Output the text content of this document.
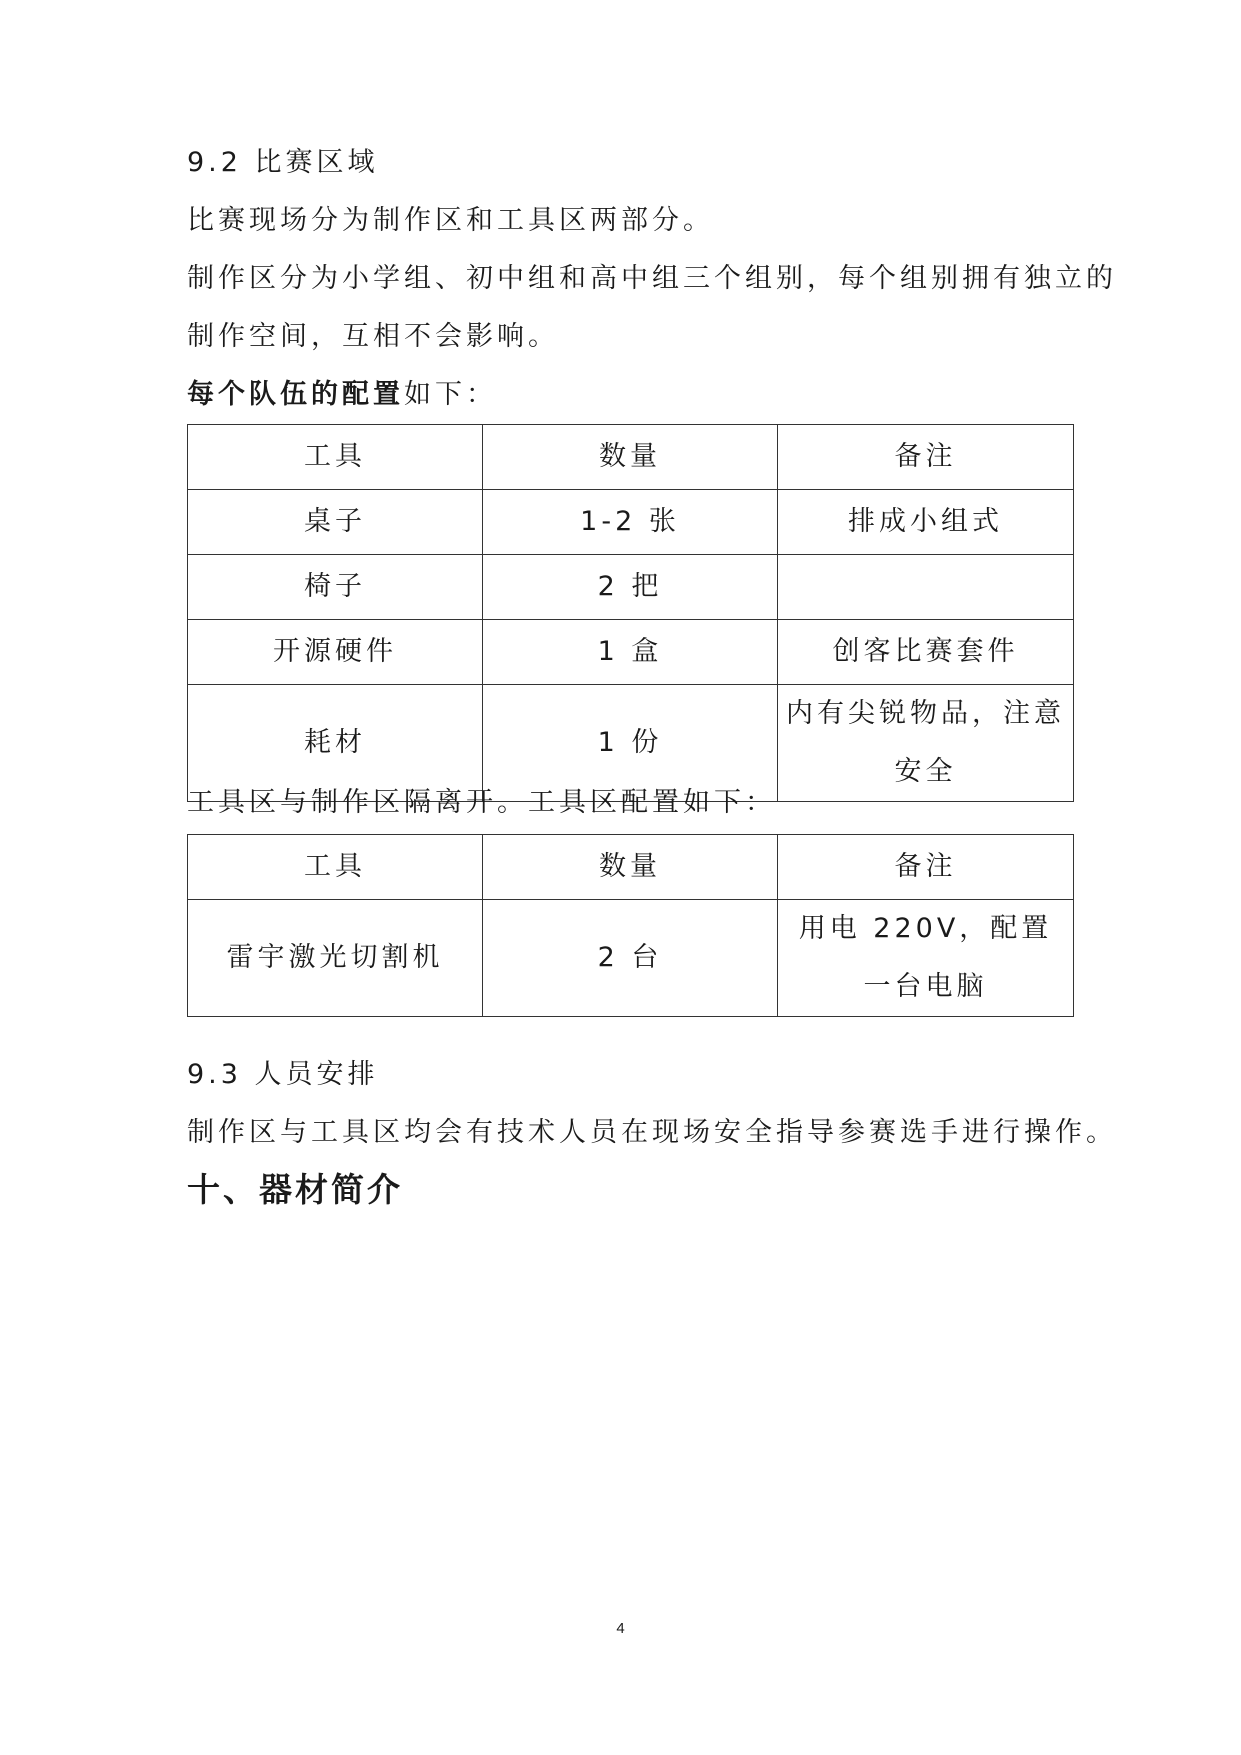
9.2 比赛区域
比赛现场分为制作区和工具区两部分。
制作区分为小学组、初中组和高中组三个组别，每个组别拥有独立的
制作空间，互相不会影响。
每个队伍的配置如下：
工具	数量	备注
桌子	1-2 张	排成小组式
椅子	2 把	
开源硬件	1 盒	创客比赛套件
耗材	1 份	内有尖锐物品，注意安全
工具区与制作区隔离开。工具区配置如下：
工具	数量	备注
雷宇激光切割机	2 台	用电 220V，配置一台电脑
9.3 人员安排
制作区与工具区均会有技术人员在现场安全指导参赛选手进行操作。
十、器材简介
4
